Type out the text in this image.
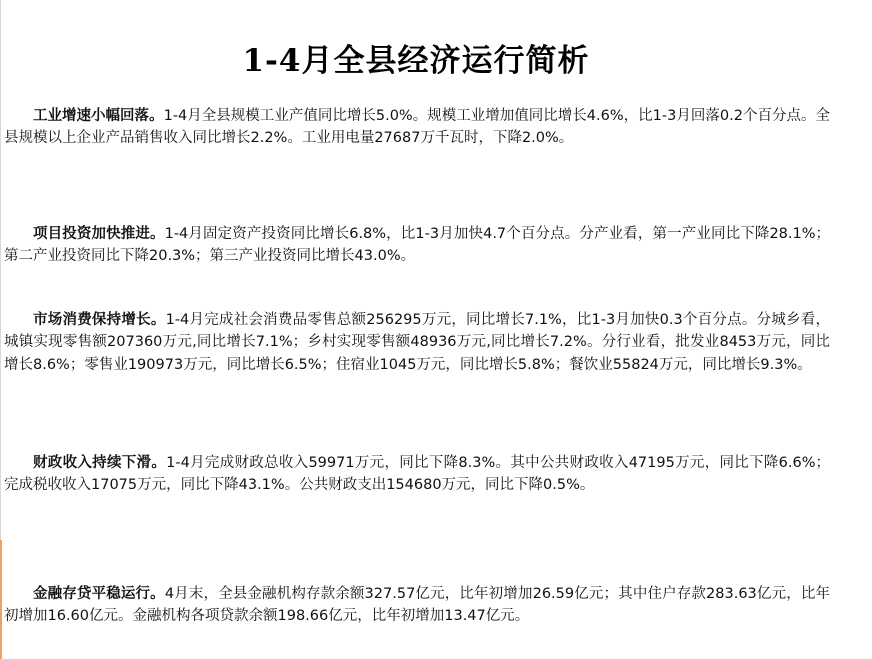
1-4月全县经济运行简析

工业增速小幅回落。1-4月全县规模工业产值同比增长5.0%。规模工业增加值同比增长4.6%，比1-3月回落0.2个百分点。全县规模以上企业产品销售收入同比增长2.2%。工业用电量27687万千瓦时，下降2.0%。

项目投资加快推进。1-4月固定资产投资同比增长6.8%，比1-3月加快4.7个百分点。分产业看，第一产业同比下降28.1%；第二产业投资同比下降20.3%；第三产业投资同比增长43.0%。

市场消费保持增长。1-4月完成社会消费品零售总额256295万元，同比增长7.1%，比1-3月加快0.3个百分点。分城乡看，城镇实现零售额207360万元,同比增长7.1%；乡村实现零售额48936万元,同比增长7.2%。分行业看，批发业8453万元，同比增长8.6%；零售业190973万元，同比增长6.5%；住宿业1045万元，同比增长5.8%；餐饮业55824万元，同比增长9.3%。

财政收入持续下滑。1-4月完成财政总收入59971万元，同比下降8.3%。其中公共财政收入47195万元，同比下降6.6%；完成税收收入17075万元，同比下降43.1%。公共财政支出154680万元，同比下降0.5%。

金融存贷平稳运行。4月末，全县金融机构存款余额327.57亿元，比年初增加26.59亿元；其中住户存款283.63亿元，比年初增加16.60亿元。金融机构各项贷款余额198.66亿元，比年初增加13.47亿元。
